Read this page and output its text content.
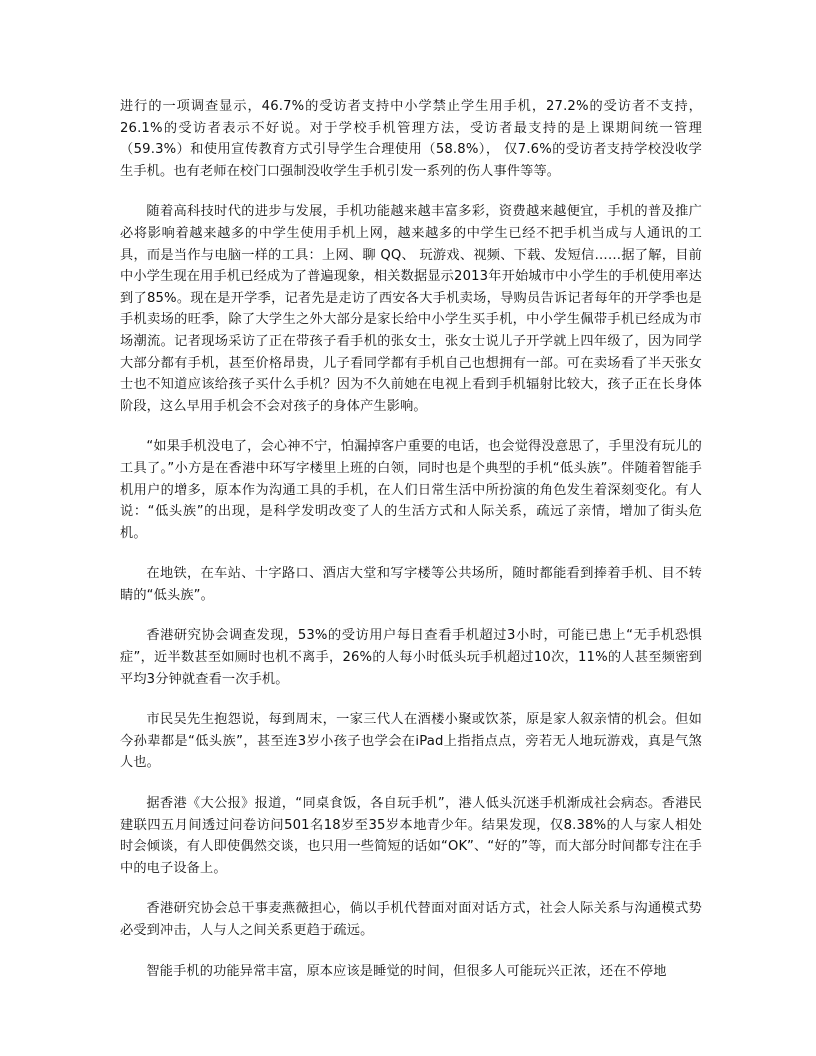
进行的一项调查显示，46.7%的受访者支持中小学禁止学生用手机，27.2%的受访者不支持，26.1%的受访者表示不好说。对于学校手机管理方法，受访者最支持的是上课期间统一管理（59.3%）和使用宣传教育方式引导学生合理使用（58.8%）， 仅7.6%的受访者支持学校没收学生手机。也有老师在校门口强制没收学生手机引发一系列的伤人事件等等。

随着高科技时代的进步与发展，手机功能越来越丰富多彩，资费越来越便宜，手机的普及推广必将影响着越来越多的中学生使用手机上网，越来越多的中学生已经不把手机当成与人通讯的工具，而是当作与电脑一样的工具：上网、聊 QQ、 玩游戏、视频、下载、发短信……据了解，目前中小学生现在用手机已经成为了普遍现象，相关数据显示2013年开始城市中小学生的手机使用率达到了85%。现在是开学季，记者先是走访了西安各大手机卖场，导购员告诉记者每年的开学季也是手机卖场的旺季，除了大学生之外大部分是家长给中小学生买手机，中小学生佩带手机已经成为市场潮流。记者现场采访了正在带孩子看手机的张女士，张女士说儿子开学就上四年级了，因为同学大部分都有手机，甚至价格昂贵，儿子看同学都有手机自己也想拥有一部。可在卖场看了半天张女士也不知道应该给孩子买什么手机？因为不久前她在电视上看到手机辐射比较大，孩子正在长身体阶段，这么早用手机会不会对孩子的身体产生影响。

“如果手机没电了，会心神不宁，怕漏掉客户重要的电话，也会觉得没意思了，手里没有玩儿的工具了。”小方是在香港中环写字楼里上班的白领，同时也是个典型的手机“低头族”。伴随着智能手机用户的增多，原本作为沟通工具的手机，在人们日常生活中所扮演的角色发生着深刻变化。有人说：“低头族”的出现，是科学发明改变了人的生活方式和人际关系，疏远了亲情，增加了街头危机。

在地铁，在车站、十字路口、酒店大堂和写字楼等公共场所，随时都能看到捧着手机、目不转睛的“低头族”。

香港研究协会调查发现，53%的受访用户每日查看手机超过3小时，可能已患上“无手机恐惧症”，近半数甚至如厕时也机不离手，26%的人每小时低头玩手机超过10次，11%的人甚至频密到平均3分钟就查看一次手机。

市民吴先生抱怨说，每到周末，一家三代人在酒楼小聚或饮茶，原是家人叙亲情的机会。但如今孙辈都是“低头族”，甚至连3岁小孩子也学会在iPad上指指点点，旁若无人地玩游戏，真是气煞人也。

据香港《大公报》报道，“同桌食饭，各自玩手机”，港人低头沉迷手机渐成社会病态。香港民建联四五月间透过问卷访问501名18岁至35岁本地青少年。结果发现，仅8.38%的人与家人相处时会倾谈，有人即使偶然交谈，也只用一些简短的话如“OK”、“好的”等，而大部分时间都专注在手中的电子设备上。

香港研究协会总干事麦燕薇担心，倘以手机代替面对面对话方式，社会人际关系与沟通模式势必受到冲击，人与人之间关系更趋于疏远。

智能手机的功能异常丰富，原本应该是睡觉的时间，但很多人可能玩兴正浓，还在不停地
